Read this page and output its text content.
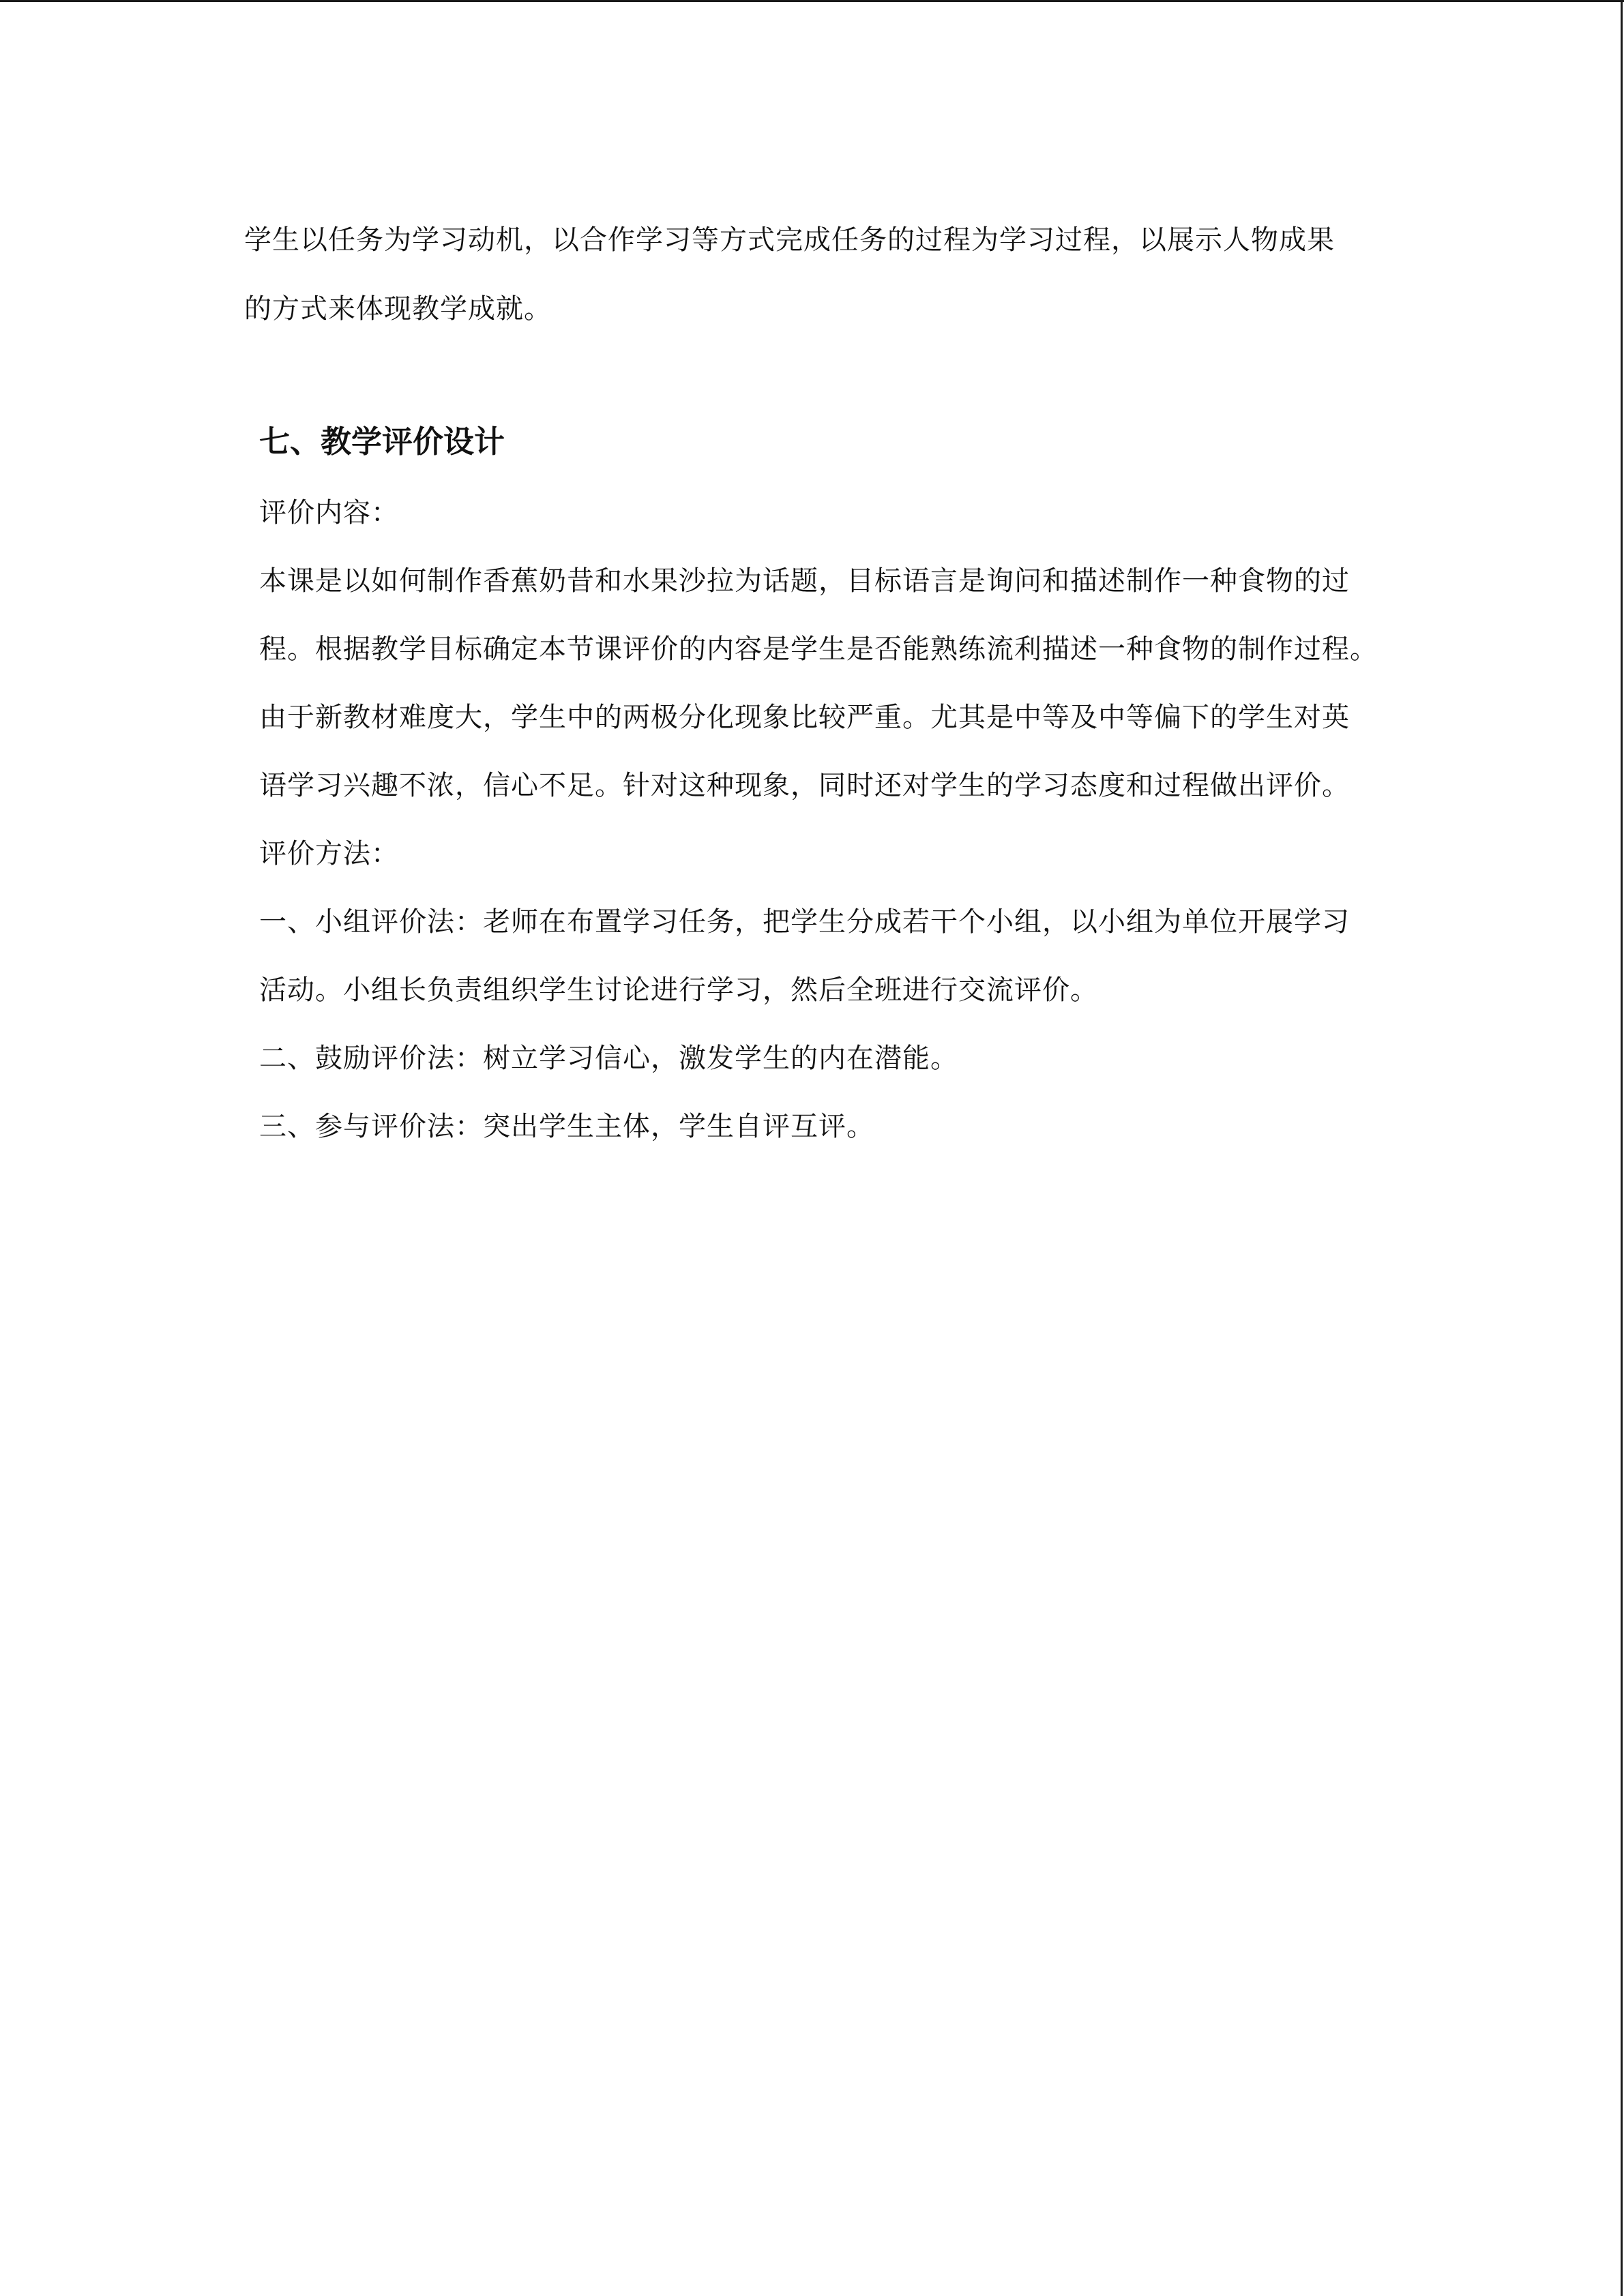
学生以任务为学习动机，以合作学习等方式完成任务的过程为学习过程，以展示人物成果
的方式来体现教学成就。
七、教学评价设计
评价内容：
本课是以如何制作香蕉奶昔和水果沙拉为话题，目标语言是询问和描述制作一种食物的过
程。根据教学目标确定本节课评价的内容是学生是否能熟练流利描述一种食物的制作过程。
由于新教材难度大，学生中的两极分化现象比较严重。尤其是中等及中等偏下的学生对英
语学习兴趣不浓，信心不足。针对这种现象，同时还对学生的学习态度和过程做出评价。
评价方法：
一、小组评价法：老师在布置学习任务，把学生分成若干个小组，以小组为单位开展学习
活动。小组长负责组织学生讨论进行学习，然后全班进行交流评价。
二、鼓励评价法：树立学习信心，激发学生的内在潜能。
三、参与评价法：突出学生主体，学生自评互评。
